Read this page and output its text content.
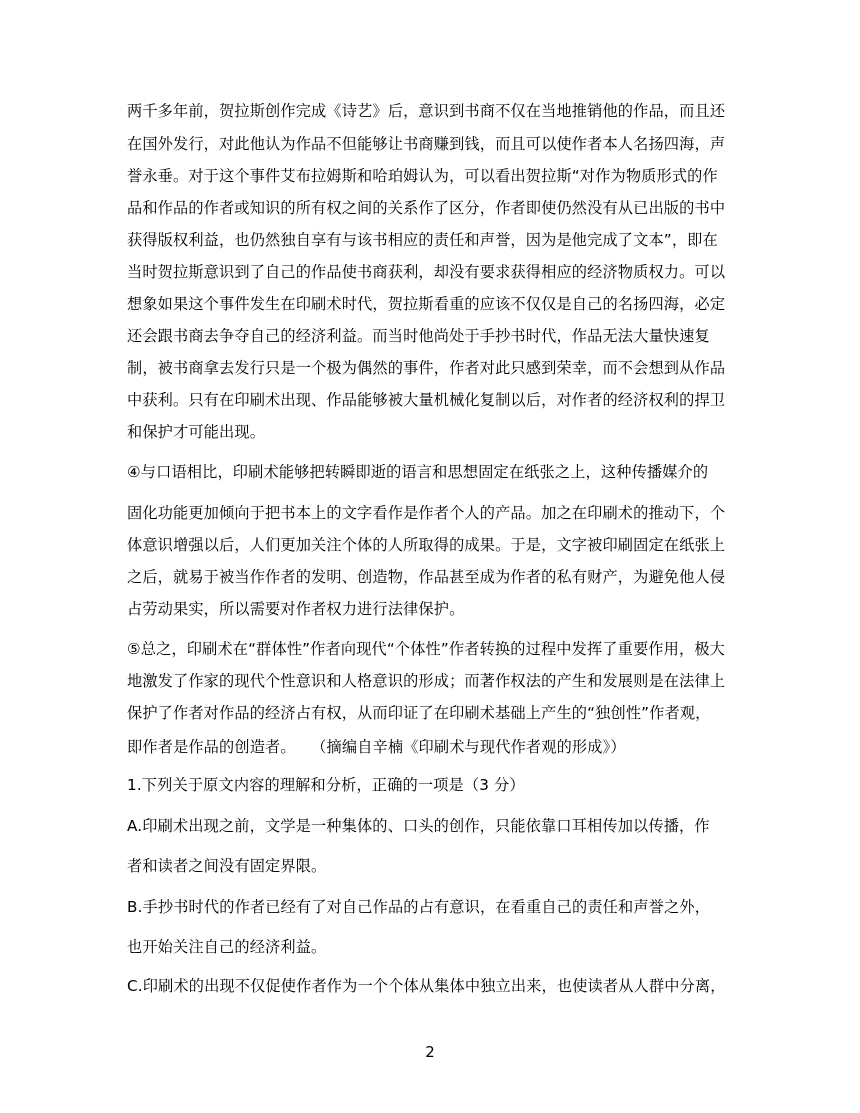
两千多年前，贺拉斯创作完成《诗艺》后，意识到书商不仅在当地推销他的作品，而且还
在国外发行，对此他认为作品不但能够让书商赚到钱，而且可以使作者本人名扬四海，声
誉永垂。对于这个事件艾布拉姆斯和哈珀姆认为，可以看出贺拉斯“对作为物质形式的作
品和作品的作者或知识的所有权之间的关系作了区分，作者即使仍然没有从已出版的书中
获得版权利益，也仍然独自享有与该书相应的责任和声誉，因为是他完成了文本”，即在
当时贺拉斯意识到了自己的作品使书商获利，却没有要求获得相应的经济物质权力。可以
想象如果这个事件发生在印刷术时代，贺拉斯看重的应该不仅仅是自己的名扬四海，必定
还会跟书商去争夺自己的经济利益。而当时他尚处于手抄书时代，作品无法大量快速复
制，被书商拿去发行只是一个极为偶然的事件，作者对此只感到荣幸，而不会想到从作品
中获利。只有在印刷术出现、作品能够被大量机械化复制以后，对作者的经济权利的捍卫
和保护才可能出现。
④与口语相比，印刷术能够把转瞬即逝的语言和思想固定在纸张之上，这种传播媒介的
固化功能更加倾向于把书本上的文字看作是作者个人的产品。加之在印刷术的推动下，个
体意识增强以后，人们更加关注个体的人所取得的成果。于是，文字被印刷固定在纸张上
之后，就易于被当作作者的发明、创造物，作品甚至成为作者的私有财产，为避免他人侵
占劳动果实，所以需要对作者权力进行法律保护。
⑤总之，印刷术在“群体性”作者向现代“个体性”作者转换的过程中发挥了重要作用，极大
地激发了作家的现代个性意识和人格意识的形成；而著作权法的产生和发展则是在法律上
保护了作者对作品的经济占有权，从而印证了在印刷术基础上产生的“独创性”作者观，
即作者是作品的创造者。　　（摘编自辛楠《印刷术与现代作者观的形成》）
1.下列关于原文内容的理解和分析，正确的一项是（3 分）
A.印刷术出现之前，文学是一种集体的、口头的创作，只能依靠口耳相传加以传播，作
者和读者之间没有固定界限。
B.手抄书时代的作者已经有了对自己作品的占有意识，在看重自己的责任和声誉之外，
也开始关注自己的经济利益。
C.印刷术的出现不仅促使作者作为一个个体从集体中独立出来，也使读者从人群中分离，
2
